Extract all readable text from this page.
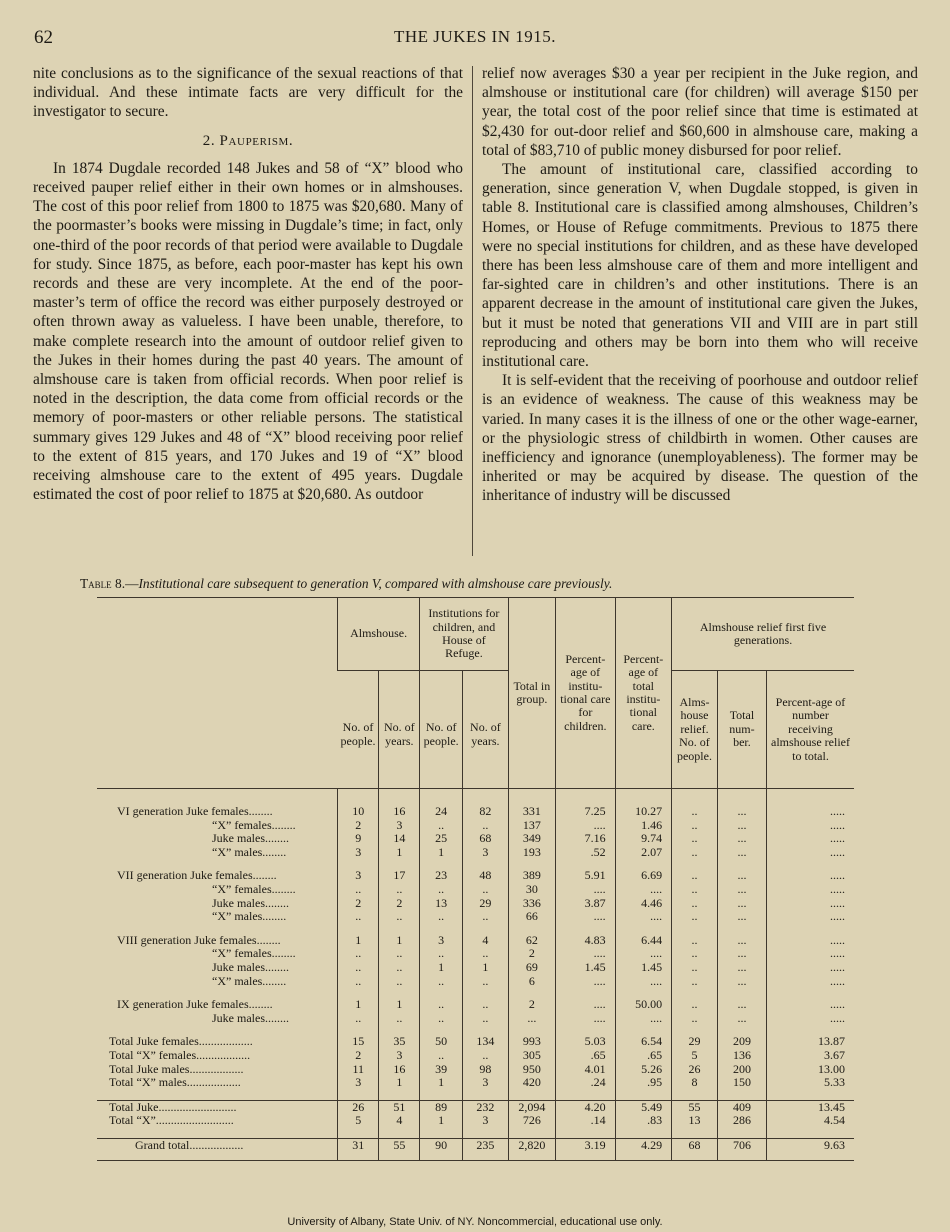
62	THE JUKES IN 1915.

nite conclusions as to the significance of the sexual reactions of that individual. And these intimate facts are very difficult for the investigator to secure.

2. Pauperism.

In 1874 Dugdale recorded 148 Jukes and 58 of “X” blood who received pauper relief either in their own homes or in almshouses. The cost of this poor relief from 1800 to 1875 was $20,680. Many of the poormaster’s books were missing in Dugdale’s time; in fact, only one-third of the poor records of that period were available to Dugdale for study. Since 1875, as before, each poor-master has kept his own records and these are very incomplete. At the end of the poor-master’s term of office the record was either purposely destroyed or often thrown away as valueless. I have been unable, therefore, to make complete research into the amount of outdoor relief given to the Jukes in their homes during the past 40 years. The amount of almshouse care is taken from official records. When poor relief is noted in the description, the data come from official records or the memory of poor-masters or other reliable persons. The statistical summary gives 129 Jukes and 48 of “X” blood receiving poor relief to the extent of 815 years, and 170 Jukes and 19 of “X” blood receiving almshouse care to the extent of 495 years. Dugdale estimated the cost of poor relief to 1875 at $20,680. As outdoor

relief now averages $30 a year per recipient in the Juke region, and almshouse or institutional care (for children) will average $150 per year, the total cost of the poor relief since that time is estimated at $2,430 for out-door relief and $60,600 in almshouse care, making a total of $83,710 of public money disbursed for poor relief.

The amount of institutional care, classified according to generation, since generation V, when Dugdale stopped, is given in table 8. Institutional care is classified among almshouses, Children’s Homes, or House of Refuge commitments. Previous to 1875 there were no special institutions for children, and as these have developed there has been less almshouse care of them and more intelligent and far-sighted care in children’s and other institutions. There is an apparent decrease in the amount of institutional care given the Jukes, but it must be noted that generations VII and VIII are in part still reproducing and others may be born into them who will receive institutional care.

It is self-evident that the receiving of poorhouse and outdoor relief is an evidence of weakness. The cause of this weakness may be varied. In many cases it is the illness of one or the other wage-earner, or the physiologic stress of childbirth in women. Other causes are inefficiency and ignorance (unemployableness). The former may be inherited or may be acquired by disease. The question of the inheritance of industry will be discussed

Table 8.—Institutional care subsequent to generation V, compared with almshouse care previously.
	Almshouse.		Institutions for children, and House of Refuge.		Total in group.	Percent-age of institu-tional care for children.	Percent-age of total institu-tional care.	Almshouse relief first five generations.		
	No. of people.	No. of years.	No. of people.	No. of years.				Alms-house relief. No. of people.	Total num-ber.	Percent-age of number receiving almshouse relief to total.

VI generation Juke females........	10	16	24	82	331	7.25	10.27	..	...	.....
“X” females........	2	3	..	..	137	....	1.46	..	...	.....
Juke males........	9	14	25	68	349	7.16	9.74	..	...	.....
“X” males........	3	1	1	3	193	.52	2.07	..	...	.....

VII generation Juke females........	3	17	23	48	389	5.91	6.69	..	...	.....
“X” females........	..	..	..	..	30	....	....	..	...	.....
Juke males........	2	2	13	29	336	3.87	4.46	..	...	.....
“X” males........	..	..	..	..	66	....	....	..	...	.....

VIII generation Juke females........	1	1	3	4	62	4.83	6.44	..	...	.....
“X” females........	..	..	..	..	2	....	....	..	...	.....
Juke males........	..	..	1	1	69	1.45	1.45	..	...	.....
“X” males........	..	..	..	..	6	....	....	..	...	.....

IX generation Juke females........	1	1	..	..	2	....	50.00	..	...	.....
Juke males........	..	..	..	..	...	....	....	..	...	.....

Total Juke females..................	15	35	50	134	993	5.03	6.54	29	209	13.87
Total “X” females..................	2	3	..	..	305	.65	.65	5	136	3.67
Total Juke males..................	11	16	39	98	950	4.01	5.26	26	200	13.00
Total “X” males..................	3	1	1	3	420	.24	.95	8	150	5.33

Total Juke..........................	26	51	89	232	2,094	4.20	5.49	55	409	13.45
Total “X”..........................	5	4	1	3	726	.14	.83	13	286	4.54

Grand total..................	31	55	90	235	2,820	3.19	4.29	68	706	9.63

University of Albany, State Univ. of NY. Noncommercial, educational use only.
